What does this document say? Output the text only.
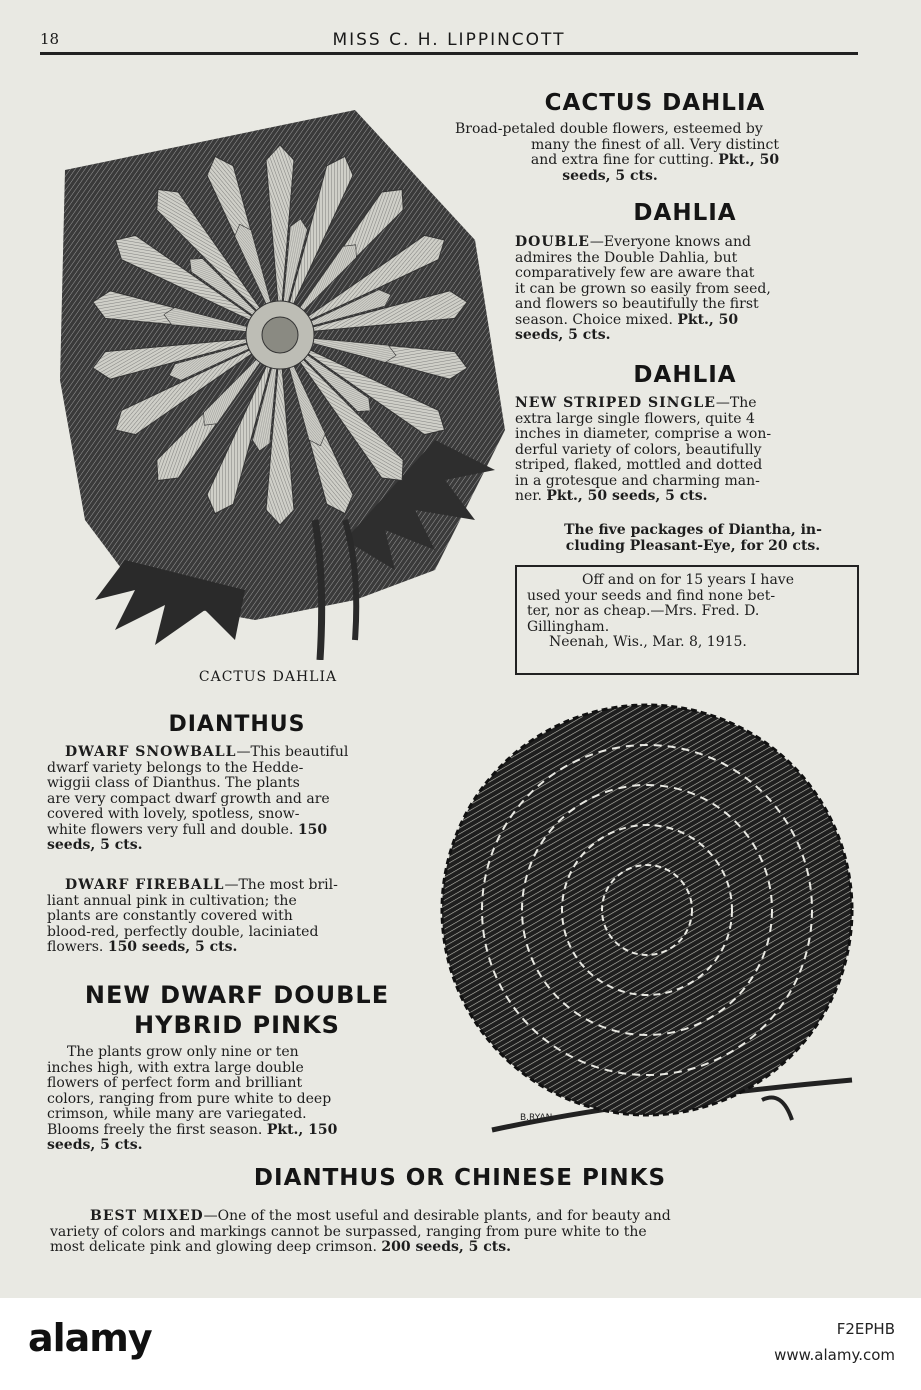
18	MISS C. H. LIPPINCOTT
CACTUS DAHLIA
CACTUS DAHLIA
Broad-petaled double flowers, esteemed by
many the finest of all. Very distinct
and extra fine for cutting. Pkt., 50
seeds, 5 cts.
DAHLIA
DOUBLE—Everyone knows and
admires the Double Dahlia, but
comparatively few are aware that
it can be grown so easily from seed,
and flowers so beautifully the first
season. Choice mixed. Pkt., 50
seeds, 5 cts.
DAHLIA
NEW STRIPED SINGLE—The
extra large single flowers, quite 4
inches in diameter, comprise a won-
derful variety of colors, beautifully
striped, flaked, mottled and dotted
in a grotesque and charming man-
ner. Pkt., 50 seeds, 5 cts.
The five packages of Diantha, in-
cluding Pleasant-Eye, for 20 cts.
Off and on for 15 years I have
used your seeds and find none bet-
ter, nor as cheap.—Mrs. Fred. D.
Gillingham.
Neenah, Wis., Mar. 8, 1915.
DIANTHUS
DWARF SNOWBALL—This beautiful
dwarf variety belongs to the Hedde-
wiggii class of Dianthus. The plants
are very compact dwarf growth and are
covered with lovely, spotless, snow-
white flowers very full and double. 150
seeds, 5 cts.
DWARF FIREBALL—The most bril-
liant annual pink in cultivation; the
plants are constantly covered with
blood-red, perfectly double, laciniated
flowers. 150 seeds, 5 cts.
NEW DWARF DOUBLE
HYBRID PINKS
The plants grow only nine or ten
inches high, with extra large double
flowers of perfect form and brilliant
colors, ranging from pure white to deep
crimson, while many are variegated.
Blooms freely the first season. Pkt., 150
seeds, 5 cts.
B.RYAN
DIANTHUS OR CHINESE PINKS
BEST MIXED—One of the most useful and desirable plants, and for beauty and
variety of colors and markings cannot be surpassed, ranging from pure white to the
most delicate pink and glowing deep crimson. 200 seeds, 5 cts.
alamy	F2EPHB
www.alamy.com
